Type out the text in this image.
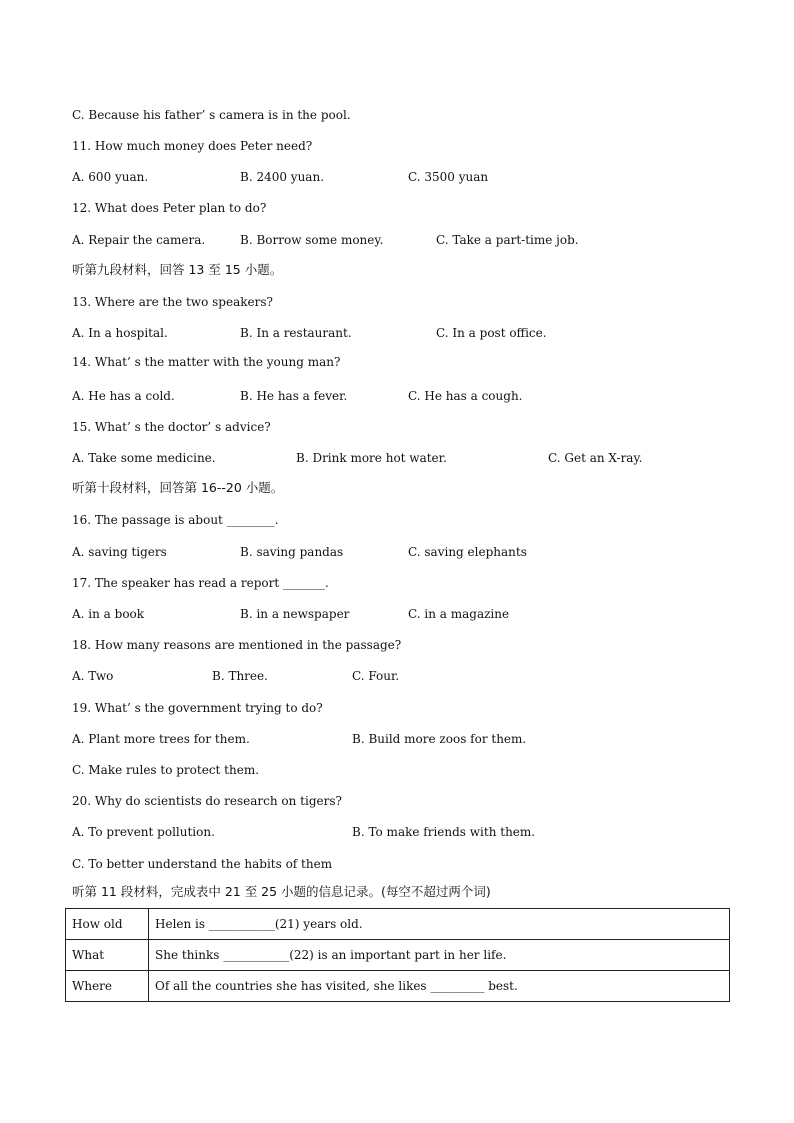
C. Because his father’ s camera is in the pool.
11. How much money does Peter need?
A. 600 yuan.	B. 2400 yuan.	C. 3500 yuan
12. What does Peter plan to do?
A. Repair the camera.	B. Borrow some money.	C. Take a part-time job.
听第九段材料，回答 13 至 15 小题。
13. Where are the two speakers?
A. In a hospital.	B. In a restaurant.	C. In a post office.
14. What’ s the matter with the young man?
A. He has a cold.	B. He has a fever.	C. He has a cough.
15. What’ s the doctor’ s advice?
A. Take some medicine.	B. Drink more hot water.	C. Get an X-ray.
听第十段材料，回答第 16--20 小题。
16. The passage is about ________.
A. saving tigers	B. saving pandas	C. saving elephants
17. The speaker has read a report _______.
A. in a book	B. in a newspaper	C. in a magazine
18. How many reasons are mentioned in the passage?
A. Two	B. Three.	C. Four.
19. What’ s the government trying to do?
A. Plant more trees for them.	B. Build more zoos for them.
C. Make rules to protect them.
20. Why do scientists do research on tigers?
A. To prevent pollution.	B. To make friends with them.
C. To better understand the habits of them
听第 11 段材料，完成表中 21 至 25 小题的信息记录。(每空不超过两个词)
How old	Helen is ___________(21) years old.
What	She thinks ___________(22) is an important part in her life.
Where	Of all the countries she has visited, she likes _________ best.
